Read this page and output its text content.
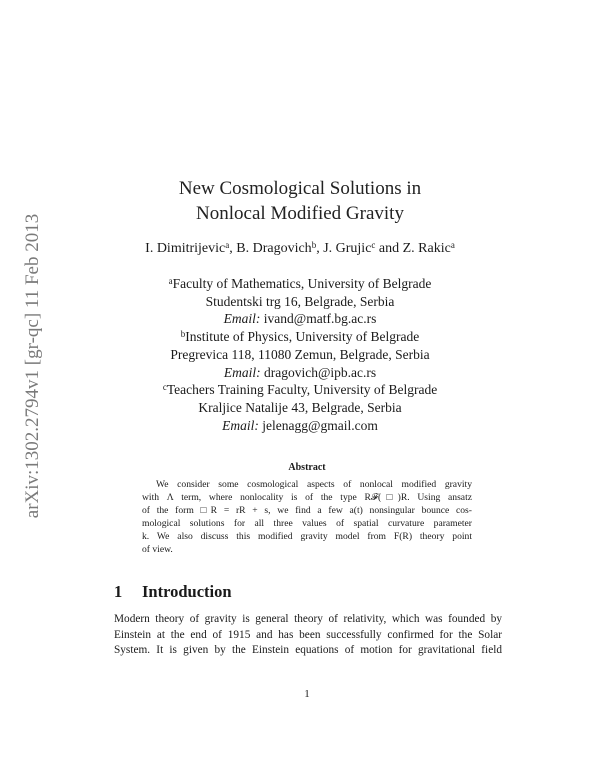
arXiv:1302.2794v1 [gr-qc] 11 Feb 2013
New Cosmological Solutions in
Nonlocal Modified Gravity
I. Dimitrijevic$^a$, B. Dragovich$^b$, J. Grujic$^c$ and Z. Rakic$^a$
$^a$Faculty of Mathematics, University of Belgrade
Studentski trg 16, Belgrade, Serbia
Email: ivand@matf.bg.ac.rs
$^b$Institute of Physics, University of Belgrade
Pregrevica 118, 11080 Zemun, Belgrade, Serbia
Email: dragovich@ipb.ac.rs
$^c$Teachers Training Faculty, University of Belgrade
Kraljice Natalije 43, Belgrade, Serbia
Email: jelenagg@gmail.com
Abstract
We consider some cosmological aspects of nonlocal modified gravity
with Λ term, where nonlocality is of the type R𝓕(□)R. Using ansatz
of the form □R = rR + s, we find a few a(t) nonsingular bounce cos-
mological solutions for all three values of spatial curvature parameter
k. We also discuss this modified gravity model from F(R) theory point
of view.
1 Introduction
Modern theory of gravity is general theory of relativity, which was founded by
Einstein at the end of 1915 and has been successfully confirmed for the Solar
System. It is given by the Einstein equations of motion for gravitational field
1
